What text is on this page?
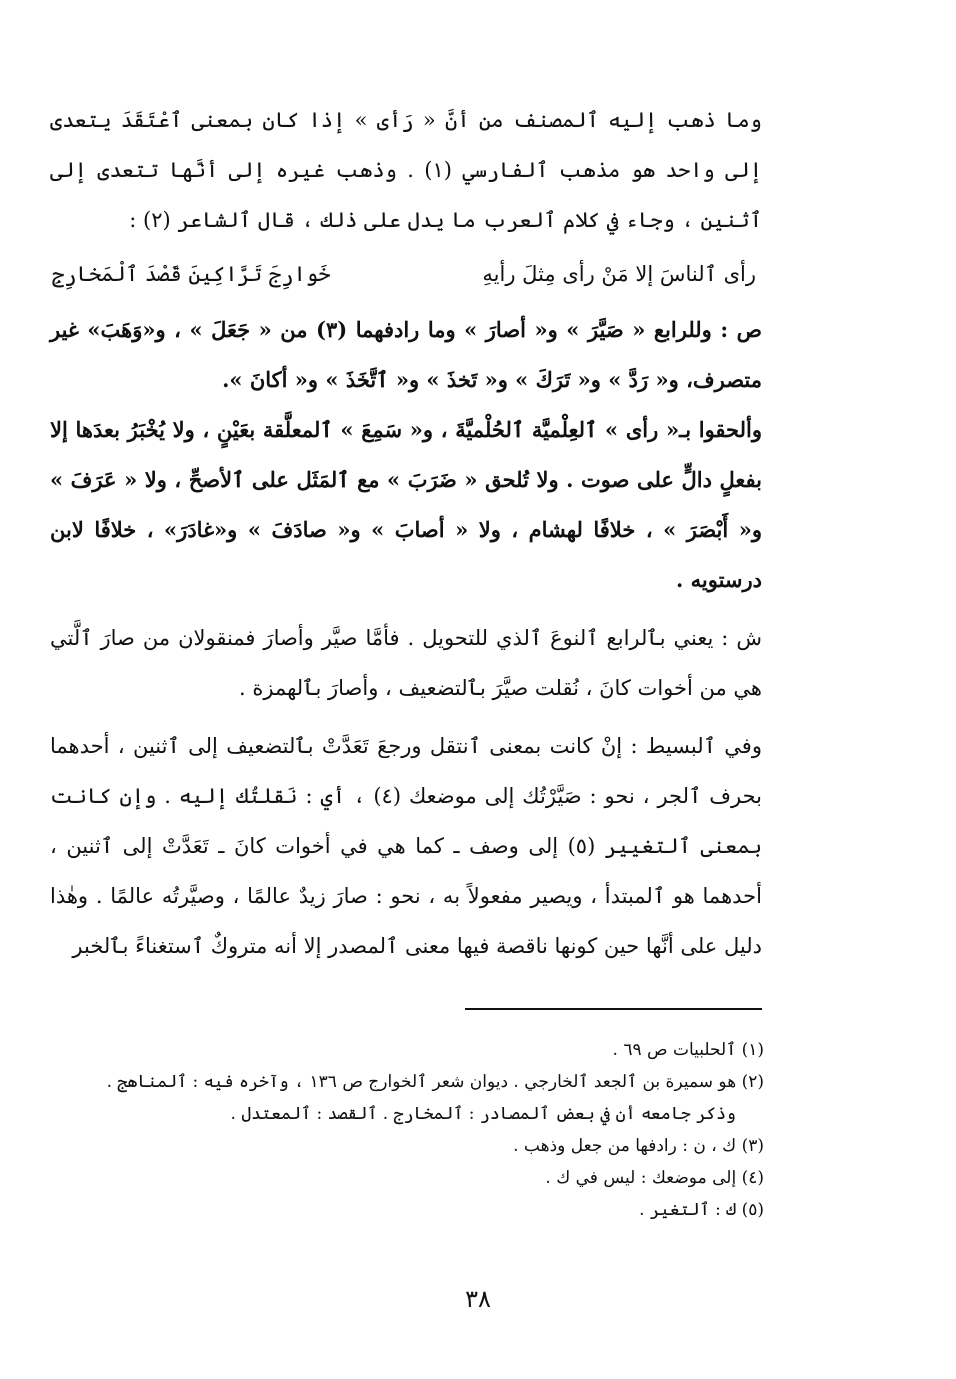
وما ذهب إليه ٱلمصنف من أنَّ « رَأى » إذا كان بمعنى ٱعْتَقَدَ يتعدى إلى واحد هو مذهب ٱلفارسي (١) . وذهب غيره إلى أنَّها تتعدى إلى ٱثنين ، وجاء في كلام ٱلعرب ما يدل على ذٰلك ، قال ٱلشاعر (٢) :

رأى ٱلناسَ إلا مَنْ رأى مِثلَ رأيهِ
خَوارِجَ تَرَّاكِينَ قَصْدَ ٱلْمَخارِجِ

ص : وللرابع « صَيَّرَ » و« أصارَ » وما رادفهما (٣) من « جَعَلَ » ، و«وَهَبَ» غير متصرف، و« رَدَّ » و« تَرَكَ » و« تَخذَ » و« ٱتَّخَذَ » و« أكانَ ».

وألحقوا بـ« رأى » ٱلعِلْميَّة ٱلحُلْميَّةَ ، و« سَمِعَ » ٱلمعلَّقة بعَيْنٍ ، ولا يُخْبَرُ بعدَها إلا بفعلٍ دالٍّ على صوت . ولا تُلحق « ضَرَبَ » مع ٱلمَثَل على ٱلأصحِّ ، ولا « عَرَفَ » و« أَبْصَرَ » ، خلافًا لهشام ، ولا « أصابَ » و« صادَفَ » و«غادَرَ» ، خلافًا لابن درستويه .

ش : يعني بٱلرابع ٱلنوعَ ٱلذي للتحويل . فأمَّا صيَّر وأصارَ فمنقولان من صارَ ٱلَّتي هي من أخوات كانَ ، نُقلت صيَّرَ بٱلتضعيف ، وأصارَ بٱلهمزة .

وفي ٱلبسيط : إنْ كانت بمعنى ٱنتقل ورجعَ تَعَدَّتْ بٱلتضعيف إلى ٱثنين ، أحدهما بحرف ٱلجر ، نحو : صَيَّرْتُك إلى موضعك (٤) ، أي : نَقلتُك إليه . وإن كانت بمعنى ٱلتغيير (٥) إلى وصف ـ كما هي في أخوات كانَ ـ تَعَدَّتْ إلى ٱثنين ، أحدهما هو ٱلمبتدأ ، ويصير مفعولاً به ، نحو : صارَ زيدٌ عالمًا ، وصيَّرتُه عالمًا . وهٰذا دليل على أنَّها حين كونها ناقصة فيها معنى ٱلمصدر إلا أنه متروكٌ ٱستغناءً بٱلخبر

(١) ٱلحلبيات ص ٦٩ .

(٢) هو سميرة بن ٱلجعد ٱلخارجي . ديوان شعر ٱلخوارج ص ١٣٦ ، وآخره فيه : ٱلمناهج .

وذكر جامعه أن في بعض ٱلمصادر : ٱلمخارج . ٱلقصد : ٱلمعتدل .

(٣) ك ، ن : رادفها من جعل وذهب .

(٤) إلى موضعك : ليس في ك .

(٥) ك : ٱلتغير .

٣٨
